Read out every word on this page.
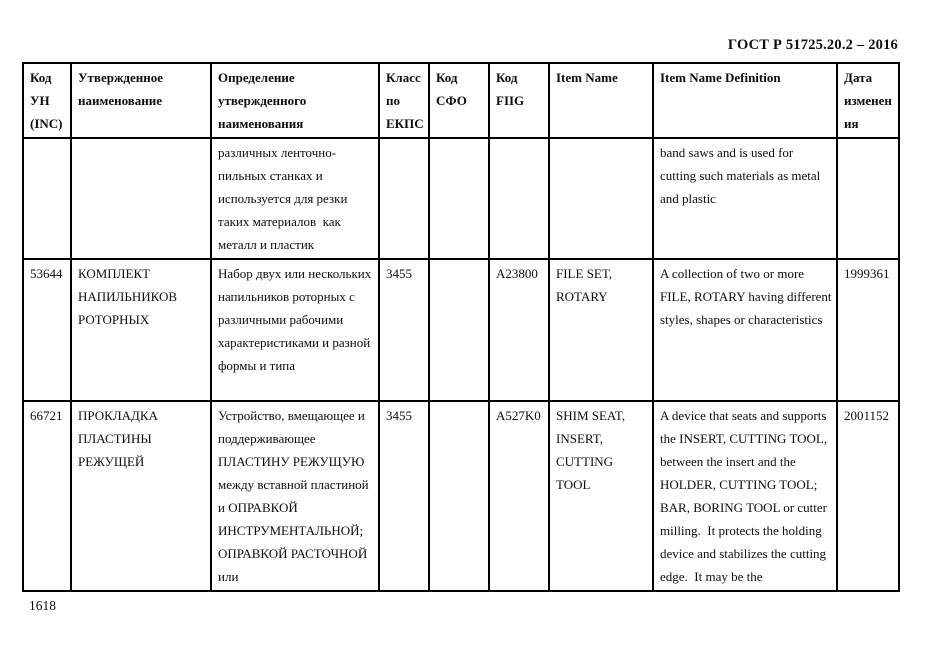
ГОСТ Р 51725.20.2 – 2016
Код УН (INC)	Утвержденное наименование	Определение утвержденного наименования	Класс по ЕКПС	Код СФО	Код FIIG	Item Name	Item Name Definition	Дата изменения
		различных ленточно-пильных станках и используется для резки таких материалов  как металл и пластик					band saws and is used for cutting such materials as metal and plastic	
53644	КОМПЛЕКТ НАПИЛЬНИКОВ РОТОРНЫХ	Набор двух или нескольких напильников роторных с различными рабочими характеристиками и разной формы и типа	3455		A23800	FILE SET, ROTARY	A collection of two or more FILE, ROTARY having different styles, shapes or characteristics	1999361
66721	ПРОКЛАДКА ПЛАСТИНЫ РЕЖУЩЕЙ	Устройство, вмещающее и поддерживающее ПЛАСТИНУ РЕЖУЩУЮ между вставной пластиной и ОПРАВКОЙ ИНСТРУМЕНТАЛЬНОЙ; ОПРАВКОЙ РАСТОЧНОЙ или	3455		A527K0	SHIM SEAT, INSERT, CUTTING TOOL	A device that seats and supports the INSERT, CUTTING TOOL, between the insert and the HOLDER, CUTTING TOOL; BAR, BORING TOOL or cutter milling.  It protects the holding device and stabilizes the cutting edge.  It may be the	2001152
1618
